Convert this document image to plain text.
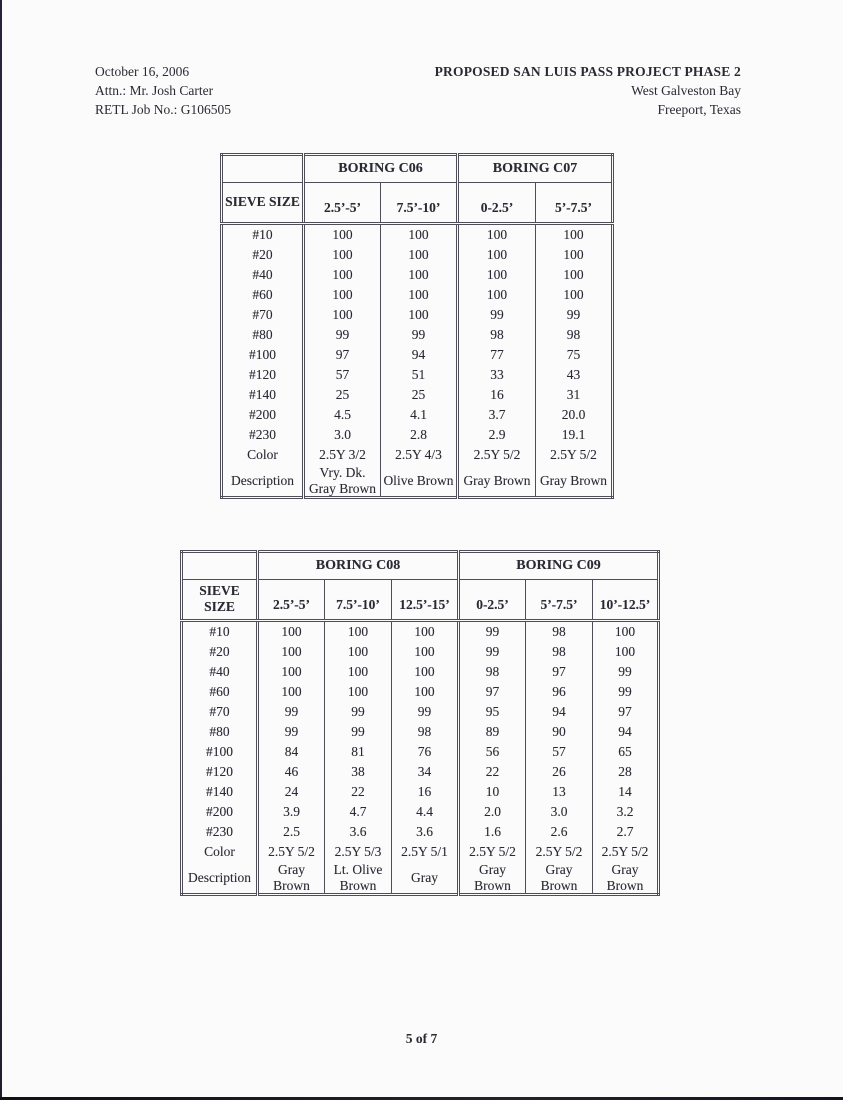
October 16, 2006
Attn.: Mr. Josh Carter
RETL Job No.: G106505
PROPOSED SAN LUIS PASS PROJECT PHASE 2
West Galveston Bay
Freeport, Texas
	BORING C06		BORING C07	
SIEVE SIZE	2.5’-5’	7.5’-10’	0-2.5’	5’-7.5’
#10	100	100	100	100
#20	100	100	100	100
#40	100	100	100	100
#60	100	100	100	100
#70	100	100	99	99
#80	99	99	98	98
#100	97	94	77	75
#120	57	51	33	43
#140	25	25	16	31
#200	4.5	4.1	3.7	20.0
#230	3.0	2.8	2.9	19.1
Color	2.5Y 3/2	2.5Y 4/3	2.5Y 5/2	2.5Y 5/2
Description	Vry. Dk. Gray Brown	Olive Brown	Gray Brown	Gray Brown
	BORING C08			BORING C09		
SIEVE SIZE	2.5’-5’	7.5’-10’	12.5’-15’	0-2.5’	5’-7.5’	10’-12.5’
#10	100	100	100	99	98	100
#20	100	100	100	99	98	100
#40	100	100	100	98	97	99
#60	100	100	100	97	96	99
#70	99	99	99	95	94	97
#80	99	99	98	89	90	94
#100	84	81	76	56	57	65
#120	46	38	34	22	26	28
#140	24	22	16	10	13	14
#200	3.9	4.7	4.4	2.0	3.0	3.2
#230	2.5	3.6	3.6	1.6	2.6	2.7
Color	2.5Y 5/2	2.5Y 5/3	2.5Y 5/1	2.5Y 5/2	2.5Y 5/2	2.5Y 5/2
Description	Gray Brown	Lt. Olive Brown	Gray	Gray Brown	Gray Brown	Gray Brown
5 of 7
